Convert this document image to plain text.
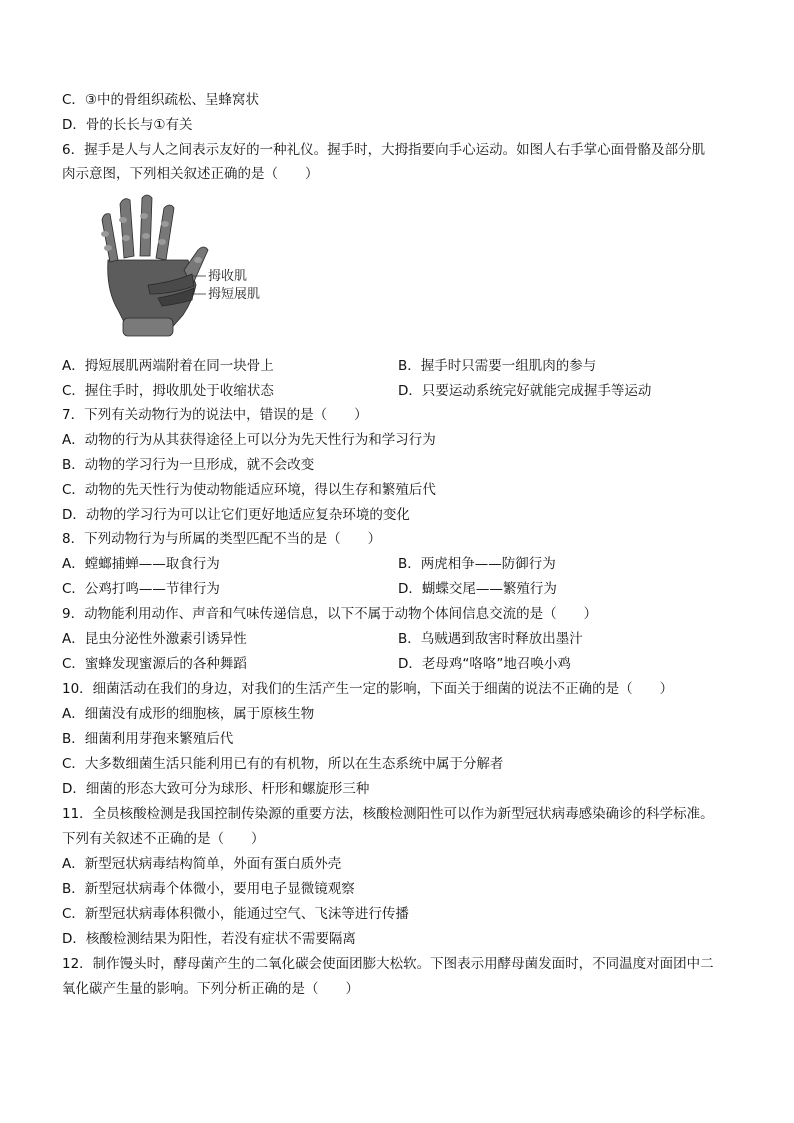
C．③中的骨组织疏松、呈蜂窝状
D．骨的长长与①有关
6．握手是人与人之间表示友好的一种礼仪。握手时，大拇指要向手心运动。如图人右手掌心面骨骼及部分肌
肉示意图，下列相关叙述正确的是（　　）
拇收肌
拇短展肌
A．拇短展肌两端附着在同一块骨上	B．握手时只需要一组肌肉的参与
C．握住手时，拇收肌处于收缩状态	D．只要运动系统完好就能完成握手等运动
7．下列有关动物行为的说法中，错误的是（　　）
A．动物的行为从其获得途径上可以分为先天性行为和学习行为
B．动物的学习行为一旦形成，就不会改变
C．动物的先天性行为使动物能适应环境，得以生存和繁殖后代
D．动物的学习行为可以让它们更好地适应复杂环境的变化
8．下列动物行为与所属的类型匹配不当的是（　　）
A．螳螂捕蝉——取食行为	B．两虎相争——防御行为
C．公鸡打鸣——节律行为	D．蝴蝶交尾——繁殖行为
9．动物能利用动作、声音和气味传递信息，以下不属于动物个体间信息交流的是（　　）
A．昆虫分泌性外激素引诱异性	B．乌贼遇到敌害时释放出墨汁
C．蜜蜂发现蜜源后的各种舞蹈	D．老母鸡“咯咯”地召唤小鸡
10．细菌活动在我们的身边，对我们的生活产生一定的影响，下面关于细菌的说法不正确的是（　　）
A．细菌没有成形的细胞核，属于原核生物
B．细菌利用芽孢来繁殖后代
C．大多数细菌生活只能利用已有的有机物，所以在生态系统中属于分解者
D．细菌的形态大致可分为球形、杆形和螺旋形三种
11．全员核酸检测是我国控制传染源的重要方法，核酸检测阳性可以作为新型冠状病毒感染确诊的科学标准。
下列有关叙述不正确的是（　　）
A．新型冠状病毒结构简单，外面有蛋白质外壳
B．新型冠状病毒个体微小，要用电子显微镜观察
C．新型冠状病毒体积微小，能通过空气、飞沫等进行传播
D．核酸检测结果为阳性，若没有症状不需要隔离
12．制作馒头时，酵母菌产生的二氧化碳会使面团膨大松软。下图表示用酵母菌发面时，不同温度对面团中二
氧化碳产生量的影响。下列分析正确的是（　　）
